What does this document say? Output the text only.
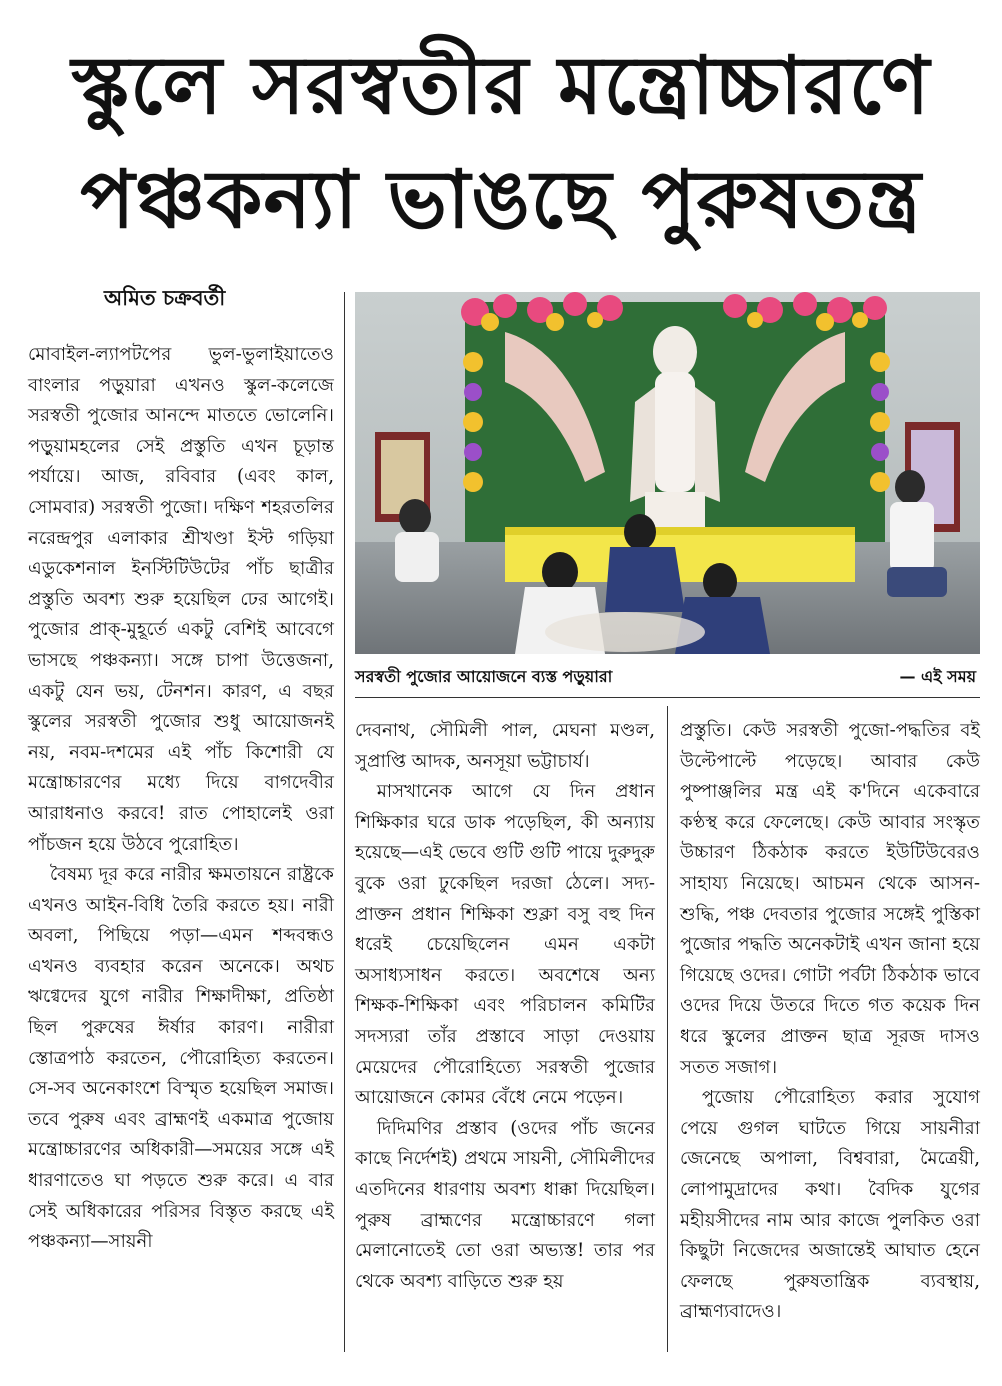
স্কুলে সরস্বতীর মন্ত্রোচ্চারণে
পঞ্চকন্যা ভাঙছে পুরুষতন্ত্র
অমিত চক্রবর্তী

মোবাইল-ল্যাপটপের ভুল-ভুলাইয়াতেও বাংলার পড়ুয়ারা এখনও স্কুল-কলেজে সরস্বতী পুজোর আনন্দে মাততে ভোলেনি। পড়ুয়ামহলের সেই প্রস্তুতি এখন চূড়ান্ত পর্যায়ে। আজ, রবিবার (এবং কাল, সোমবার) সরস্বতী পুজো। দক্ষিণ শহরতলির নরেন্দ্রপুর এলাকার শ্রীখণ্ডা ইস্ট গড়িয়া এডুকেশনাল ইনস্টিটিউটের পাঁচ ছাত্রীর প্রস্তুতি অবশ্য শুরু হয়েছিল ঢের আগেই। পুজোর প্রাক্‌-মুহূর্তে একটু বেশিই আবেগে ভাসছে পঞ্চকন্যা। সঙ্গে চাপা উত্তেজনা, একটু যেন ভয়, টেনশন। কারণ, এ বছর স্কুলের সরস্বতী পুজোর শুধু আয়োজনই নয়, নবম-দশমের এই পাঁচ কিশোরী যে মন্ত্রোচ্চারণের মধ্যে দিয়ে বাগদেবীর আরাধনাও করবে! রাত পোহালেই ওরা পাঁচজন হয়ে উঠবে পুরোহিত।

বৈষম্য দূর করে নারীর ক্ষমতায়নে রাষ্ট্রকে এখনও আইন-বিধি তৈরি করতে হয়। নারী অবলা, পিছিয়ে পড়া—এমন শব্দবন্ধও এখনও ব্যবহার করেন অনেকে। অথচ ঋগ্বেদের যুগে নারীর শিক্ষাদীক্ষা, প্রতিষ্ঠা ছিল পুরুষের ঈর্ষার কারণ। নারীরা স্তোত্রপাঠ করতেন, পৌরোহিত্য করতেন। সে-সব অনেকাংশে বিস্মৃত হয়েছিল সমাজ। তবে পুরুষ এবং ব্রাহ্মণই একমাত্র পুজোয় মন্ত্রোচ্চারণের অধিকারী—সময়ের সঙ্গে এই ধারণাতেও ঘা পড়তে শুরু করে। এ বার সেই অধিকারের পরিসর বিস্তৃত করছে এই পঞ্চকন্যা—সায়নী

সরস্বতী পুজোর আয়োজনে ব্যস্ত পড়ুয়ারা	— এই সময়

দেবনাথ, সৌমিলী পাল, মেঘনা মণ্ডল, সুপ্রাপ্তি আদক, অনসূয়া ভট্টাচার্য।

মাসখানেক আগে যে দিন প্রধান শিক্ষিকার ঘরে ডাক পড়েছিল, কী অন্যায় হয়েছে—এই ভেবে গুটি গুটি পায়ে দুরুদুরু বুকে ওরা ঢুকেছিল দরজা ঠেলে। সদ্য-প্রাক্তন প্রধান শিক্ষিকা শুক্লা বসু বহু দিন ধরেই চেয়েছিলেন এমন একটা অসাধ্যসাধন করতে। অবশেষে অন্য শিক্ষক-শিক্ষিকা এবং পরিচালন কমিটির সদস্যরা তাঁর প্রস্তাবে সাড়া দেওয়ায় মেয়েদের পৌরোহিত্যে সরস্বতী পুজোর আয়োজনে কোমর বেঁধে নেমে পড়েন।

দিদিমণির প্রস্তাব (ওদের পাঁচ জনের কাছে নির্দেশই) প্রথমে সায়নী, সৌমিলীদের এতদিনের ধারণায় অবশ্য ধাক্কা দিয়েছিল। পুরুষ ব্রাহ্মণের মন্ত্রোচ্চারণে গলা মেলানোতেই তো ওরা অভ্যস্ত! তার পর থেকে অবশ্য বাড়িতে শুরু হয়

প্রস্তুতি। কেউ সরস্বতী পুজো-পদ্ধতির বই উল্টেপাল্টে পড়েছে। আবার কেউ পুষ্পাঞ্জলির মন্ত্র এই ক'দিনে একেবারে কণ্ঠস্থ করে ফেলেছে। কেউ আবার সংস্কৃত উচ্চারণ ঠিকঠাক করতে ইউটিউবেরও সাহায্য নিয়েছে। আচমন থেকে আসন-শুদ্ধি, পঞ্চ দেবতার পুজোর সঙ্গেই পুস্তিকা পুজোর পদ্ধতি অনেকটাই এখন জানা হয়ে গিয়েছে ওদের। গোটা পর্বটা ঠিকঠাক ভাবে ওদের দিয়ে উতরে দিতে গত কয়েক দিন ধরে স্কুলের প্রাক্তন ছাত্র সূরজ দাসও সতত সজাগ।

পুজোয় পৌরোহিত্য করার সুযোগ পেয়ে গুগল ঘাটতে গিয়ে সায়নীরা জেনেছে অপালা, বিশ্ববারা, মৈত্রেয়ী, লোপামুদ্রাদের কথা। বৈদিক যুগের মহীয়সীদের নাম আর কাজে পুলকিত ওরা কিছুটা নিজেদের অজান্তেই আঘাত হেনে ফেলছে পুরুষতান্ত্রিক ব্যবস্থায়, ব্রাহ্মণ্যবাদেও।
